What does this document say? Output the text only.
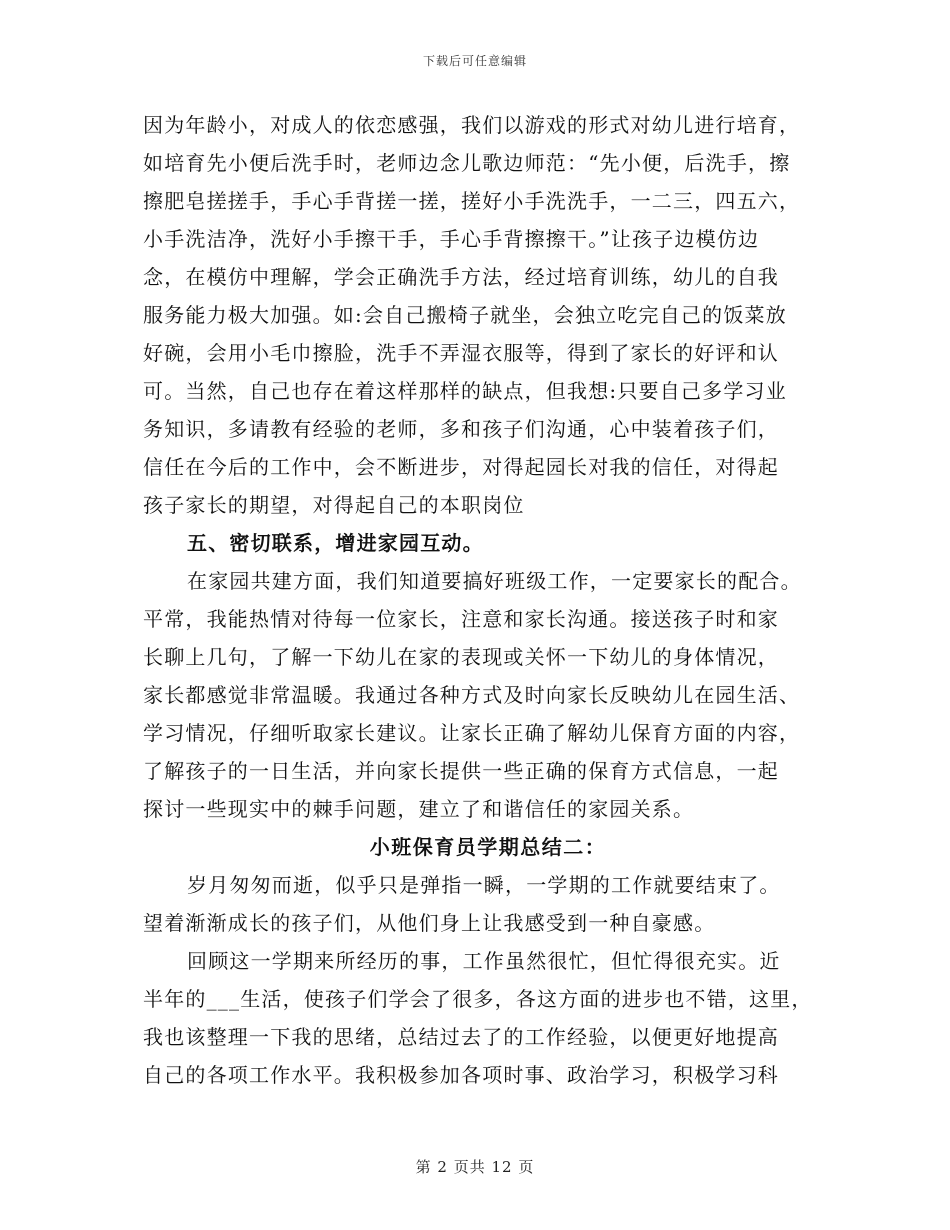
下载后可任意编辑
因为年龄小，对成人的依恋感强，我们以游戏的形式对幼儿进行培育，
如培育先小便后洗手时，老师边念儿歌边师范：“先小便，后洗手，擦
擦肥皂搓搓手，手心手背搓一搓，搓好小手洗洗手，一二三，四五六，
小手洗洁净，洗好小手擦干手，手心手背擦擦干。”让孩子边模仿边
念，在模仿中理解，学会正确洗手方法，经过培育训练，幼儿的自我
服务能力极大加强。如:会自己搬椅子就坐，会独立吃完自己的饭菜放
好碗，会用小毛巾擦脸，洗手不弄湿衣服等，得到了家长的好评和认
可。当然，自己也存在着这样那样的缺点，但我想:只要自己多学习业
务知识，多请教有经验的老师，多和孩子们沟通，心中装着孩子们，
信任在今后的工作中，会不断进步，对得起园长对我的信任，对得起
孩子家长的期望，对得起自己的本职岗位
五、密切联系，增进家园互动。
在家园共建方面，我们知道要搞好班级工作，一定要家长的配合。
平常，我能热情对待每一位家长，注意和家长沟通。接送孩子时和家
长聊上几句，了解一下幼儿在家的表现或关怀一下幼儿的身体情况，
家长都感觉非常温暖。我通过各种方式及时向家长反映幼儿在园生活、
学习情况，仔细听取家长建议。让家长正确了解幼儿保育方面的内容，
了解孩子的一日生活，并向家长提供一些正确的保育方式信息，一起
探讨一些现实中的棘手问题，建立了和谐信任的家园关系。
小班保育员学期总结二：
岁月匆匆而逝，似乎只是弹指一瞬，一学期的工作就要结束了。
望着渐渐成长的孩子们，从他们身上让我感受到一种自豪感。
回顾这一学期来所经历的事，工作虽然很忙，但忙得很充实。近
半年的___生活，使孩子们学会了很多，各这方面的进步也不错，这里，
我也该整理一下我的思绪，总结过去了的工作经验，以便更好地提高
自己的各项工作水平。我积极参加各项时事、政治学习，积极学习科
第 2 页共 12 页
